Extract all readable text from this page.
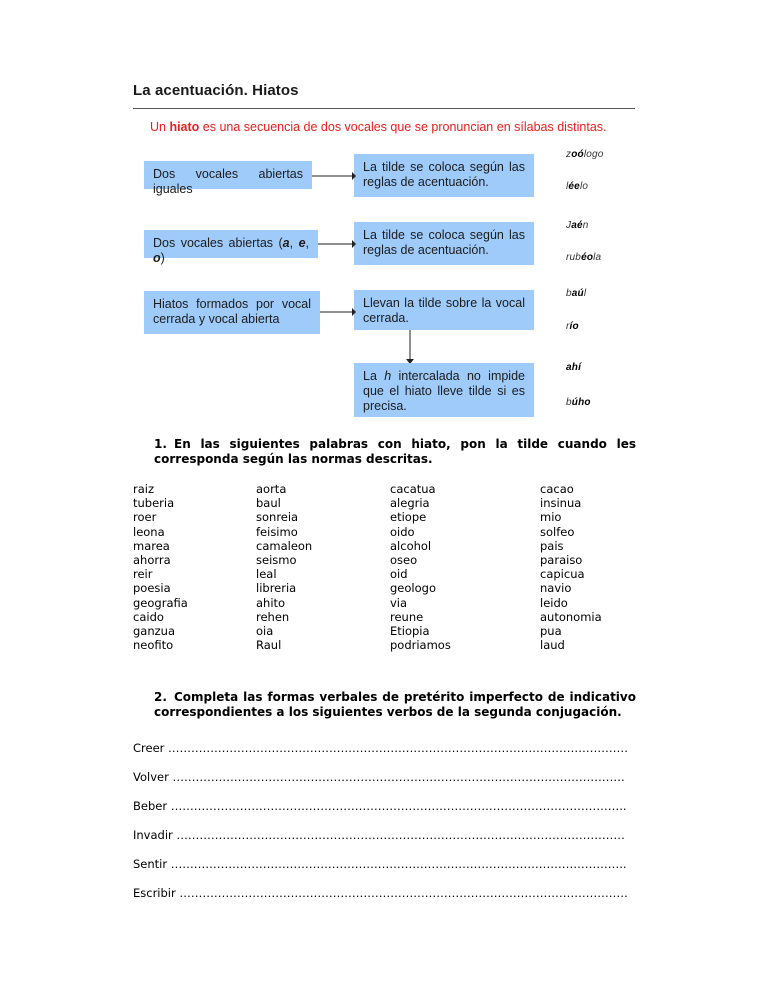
La acentuación. Hiatos
Un hiato es una secuencia de dos vocales que se pronuncian en sílabas distintas.
Dos vocales abiertas iguales
La tilde se coloca según las reglas de acentuación.
Dos vocales abiertas (a, e, o)
La tilde se coloca según las reglas de acentuación.
Hiatos formados por vocal cerrada y vocal abierta
Llevan la tilde sobre la vocal cerrada.
La h intercalada no impide que el hiato lleve tilde si es precisa.
zoólogo
léelo
Jaén
rubéola
baúl
río
ahí
búho
1. En las siguientes palabras con hiato, pon la tilde cuando les corresponda según las normas descritas.
raiz
tuberia
roer
leona
marea
ahorra
reir
poesia
geografia
caido
ganzua
neofito
aorta
baul
sonreia
feisimo
camaleon
seismo
leal
libreria
ahito
rehen
oia
Raul
cacatua
alegria
etiope
oido
alcohol
oseo
oid
geologo
via
reune
Etiopia
podriamos
cacao
insinua
mio
solfeo
pais
paraiso
capicua
navio
leido
autonomia
pua
laud
2. Completa las formas verbales de pretérito imperfecto de indicativo correspondientes a los siguientes verbos de la segunda conjugación.
Creer …………………………………………………………………………………………………………
Volver ……………………………………………………………………………………………………….
Beber ………………………………………………………………………………………………………..
Invadir ………………………………………………………………………………………………………
Sentir ………………………………………………………………………………………………………..
Escribir ………………………………………………………………………………………………………
